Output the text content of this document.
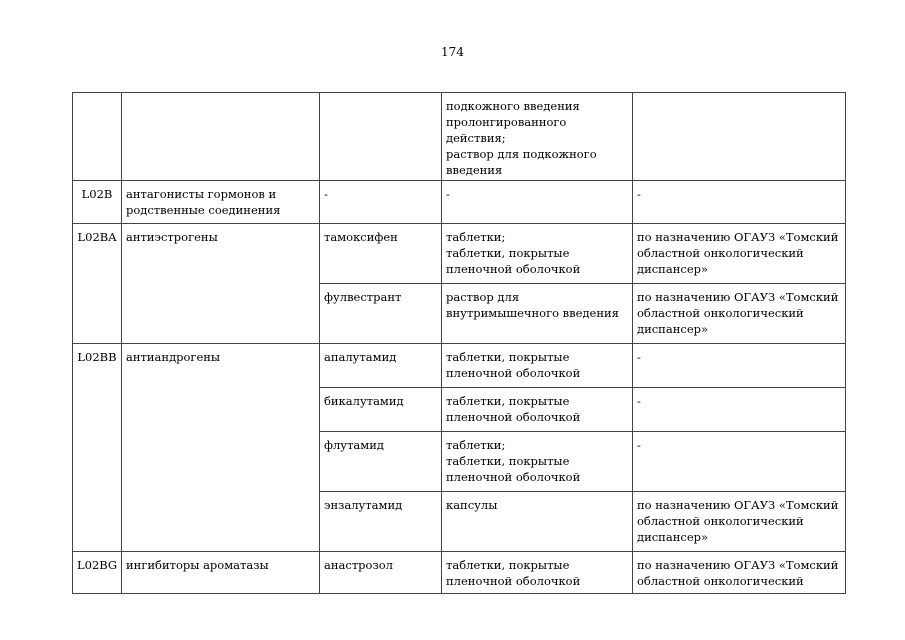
174

			подкожного введения
пролонгированного действия;
раствор для подкожного
введения	

L02B	антагонисты гормонов и
родственные соединения	-	-	-

L02BA	антиэстрогены	тамоксифен	таблетки;
таблетки, покрытые
пленочной оболочкой	по назначению ОГАУЗ «Томский
областной онкологический
диспансер»

		фулвестрант	раствор для
внутримышечного введения	по назначению ОГАУЗ «Томский
областной онкологический
диспансер»

L02BB	антиандрогены	апалутамид	таблетки, покрытые
пленочной оболочкой	-

		бикалутамид	таблетки, покрытые
пленочной оболочкой	-

		флутамид	таблетки;
таблетки, покрытые
пленочной оболочкой	-

		энзалутамид	капсулы	по назначению ОГАУЗ «Томский
областной онкологический
диспансер»

L02BG	ингибиторы ароматазы	анастрозол	таблетки, покрытые
пленочной оболочкой	по назначению ОГАУЗ «Томский
областной онкологический
